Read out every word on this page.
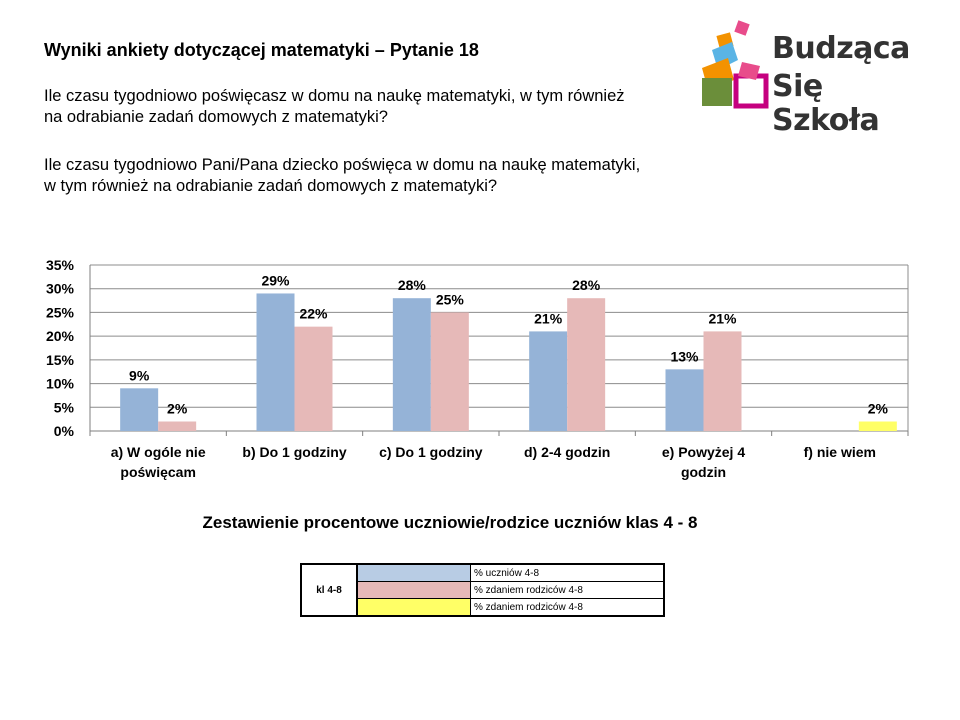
Wyniki ankiety dotyczącej matematyki – Pytanie 18
Ile czasu tygodniowo poświęcasz w domu na naukę matematyki, w tym również
na odrabianie zadań domowych z matematyki?
Ile czasu tygodniowo Pani/Pana dziecko poświęca w domu na naukę matematyki,
w tym również na odrabianie zadań domowych z matematyki?
Budząca
Się Szkoła
0%
5%
10%
15%
20%
25%
30%
35%
a) W ogóle nie
poświęcam
b) Do 1 godziny c) Do 1 godziny	d) 2-4 godzin	e) Powyżej 4
godzin
f) nie wiem
9%
2%
29%
22%
28%
25%
21%
28%
13%
21%
2%
Zestawienie procentowe uczniowie/rodzice uczniów klas 4 - 8
kl 4-8		% uczniów 4-8
		% zdaniem rodziców 4-8
		% zdaniem rodziców 4-8
